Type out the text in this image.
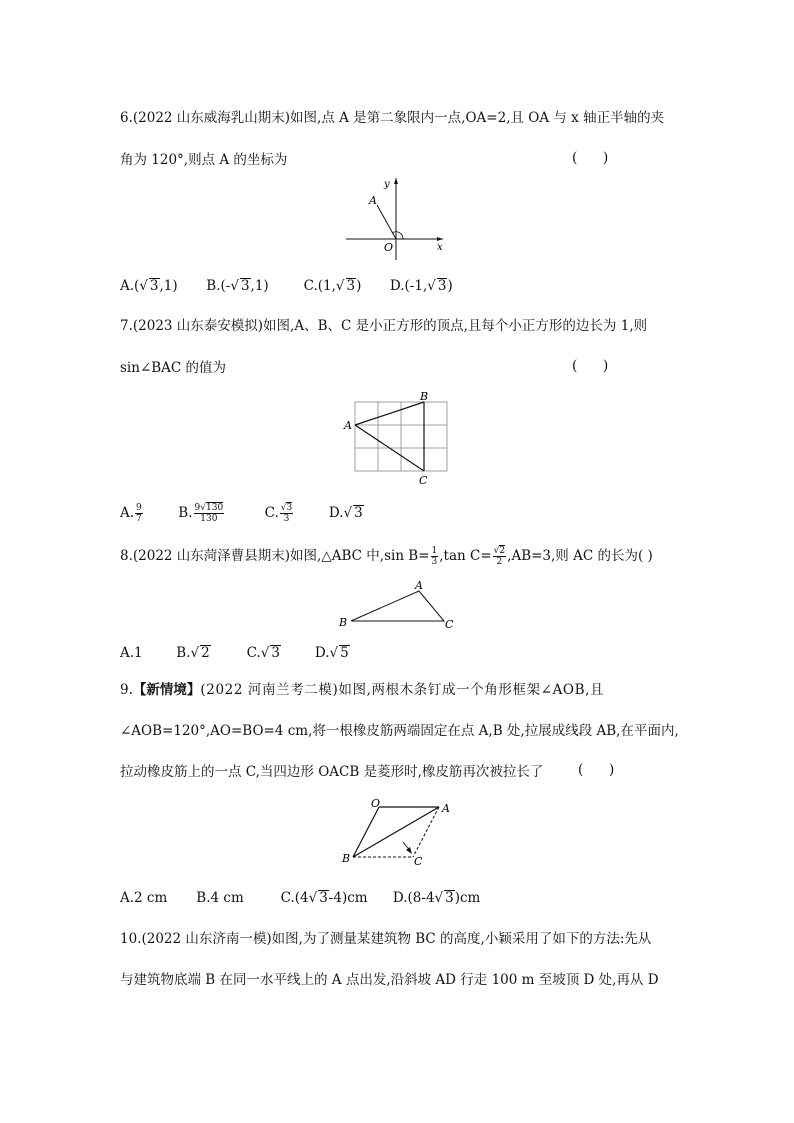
6.(2022 山东威海乳山期末)如图,点 A 是第二象限内一点,OA=2,且 OA 与 x 轴正半轴的夹
角为 120°,则点 A 的坐标为	(      )
y
x
A
O
A.(√ 3,1) B.(-√ 3,1)	C.(1,√ 3) D.(-1,√ 3)
7.(2023 山东泰安模拟)如图,A、B、C 是小正方形的顶点,且每个小正方形的边长为 1,则
sin∠BAC 的值为	(      )
A
B
C
A. $\frac{9}{7}$	B. $\frac{9√130}{130}$	C. $\frac{√3}{3}$	D.√ 3
8.(2022 山东菏泽曹县期末)如图,△ABC 中,sin $B= \frac{1}{3} ,\tan$ $C= \frac{√2}{2} ,AB=3$,则 AC 的长为( )
A
B	C
A.1 B.√ 2	C.√ 3	D.√ 5
9.【新情境】(2022 河南兰考二模)如图,两根木条钉成一个角形框架∠AOB,且
∠AOB=120°,AO=BO=4 cm,将一根橡皮筋两端固定在点 A,B 处,拉展成线段 AB,在平面内,
拉动橡皮筋上的一点 C,当四边形 OACB 是菱形时,橡皮筋再次被拉长了	(      )
O	A
B	C
A.2 cm B.4 cm	C.(4√ 3-4)cm D.(8-4√ 3)cm
10.(2022 山东济南一模)如图,为了测量某建筑物 BC 的高度,小颖采用了如下的方法:先从
与建筑物底端 B 在同一水平线上的 A 点出发,沿斜坡 AD 行走 100 m 至坡顶 D 处,再从 D
